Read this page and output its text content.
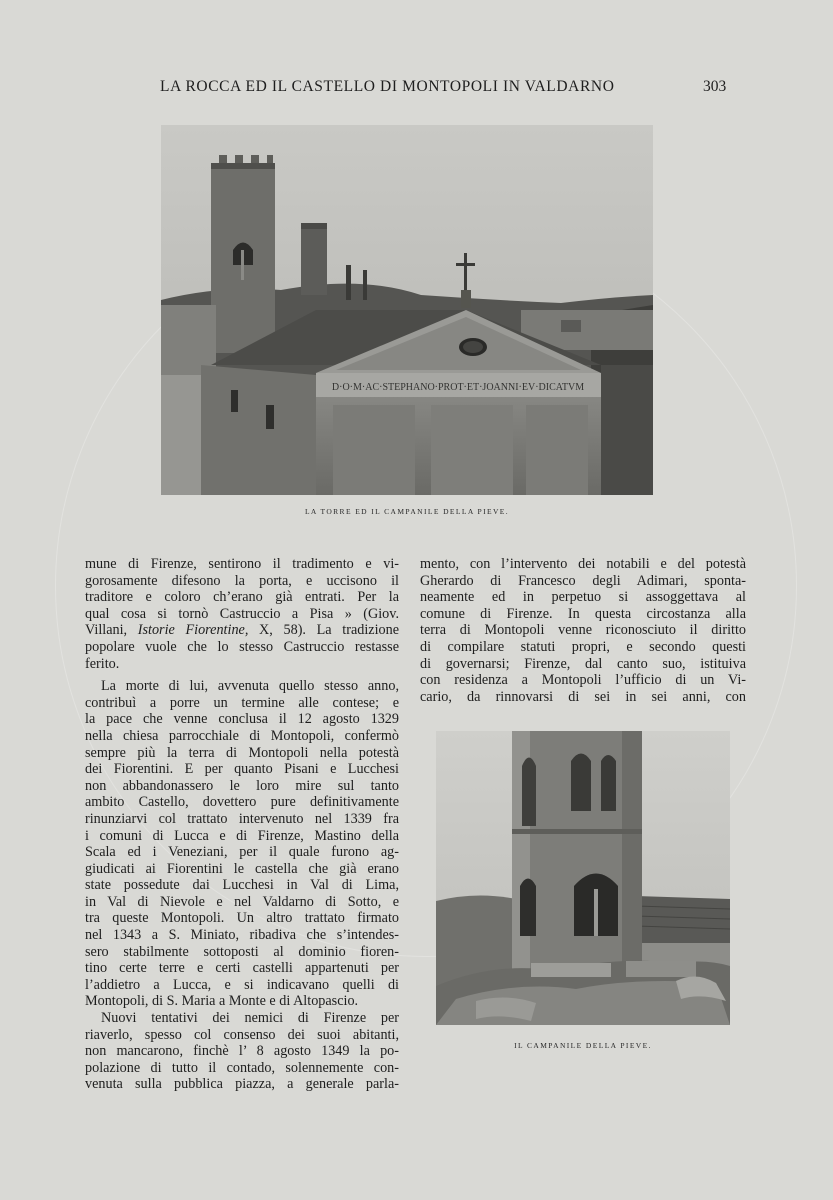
LA ROCCA ED IL CASTELLO DI MONTOPOLI IN VALDARNO	303
D·O·M·AC·STEPHANO·PROT·ET·JOANNI·EV·DICATVM
LA TORRE ED IL CAMPANILE DELLA PIEVE.

mune di Firenze, sentirono il tradimento e vi-
gorosamente difesono la porta, e uccisono il
traditore e coloro ch’erano già entrati. Per la
qual cosa si tornò Castruccio a Pisa » (Giov.
Villani, Istorie Fiorentine, X, 58). La tradizione
popolare vuole che lo stesso Castruccio restasse
ferito.

La morte di lui, avvenuta quello stesso anno,
contribuì a porre un termine alle contese; e
la pace che venne conclusa il 12 agosto 1329
nella chiesa parrocchiale di Montopoli, confermò
sempre più la terra di Montopoli nella potestà
dei Fiorentini. E per quanto Pisani e Lucchesi
non abbandonassero le loro mire sul tanto
ambito Castello, dovettero pure definitivamente
rinunziarvi col trattato intervenuto nel 1339 fra
i comuni di Lucca e di Firenze, Mastino della
Scala ed i Veneziani, per il quale furono ag-
giudicati ai Fiorentini le castella che già erano
state possedute dai Lucchesi in Val di Lima,
in Val di Nievole e nel Valdarno di Sotto, e
tra queste Montopoli. Un altro trattato firmato
nel 1343 a S. Miniato, ribadiva che s’intendes-
sero stabilmente sottoposti al dominio fioren-
tino certe terre e certi castelli appartenuti per
l’addietro a Lucca, e si indicavano quelli di
Montopoli, di S. Maria a Monte e di Altopascio.

Nuovi tentativi dei nemici di Firenze per
riaverlo, spesso col consenso dei suoi abitanti,
non mancarono, finchè l’ 8 agosto 1349 la po-
polazione di tutto il contado, solennemente con-
venuta sulla pubblica piazza, a generale parla-

mento, con l’intervento dei notabili e del potestà
Gherardo di Francesco degli Adimari, sponta-
neamente ed in perpetuo si assoggettava al
comune di Firenze. In questa circostanza alla
terra di Montopoli venne riconosciuto il diritto
di compilare statuti propri, e secondo questi
di governarsi; Firenze, dal canto suo, istituiva
con residenza a Montopoli l’ufficio di un Vi-
cario, da rinnovarsi di sei in sei anni, con

IL CAMPANILE DELLA PIEVE.
